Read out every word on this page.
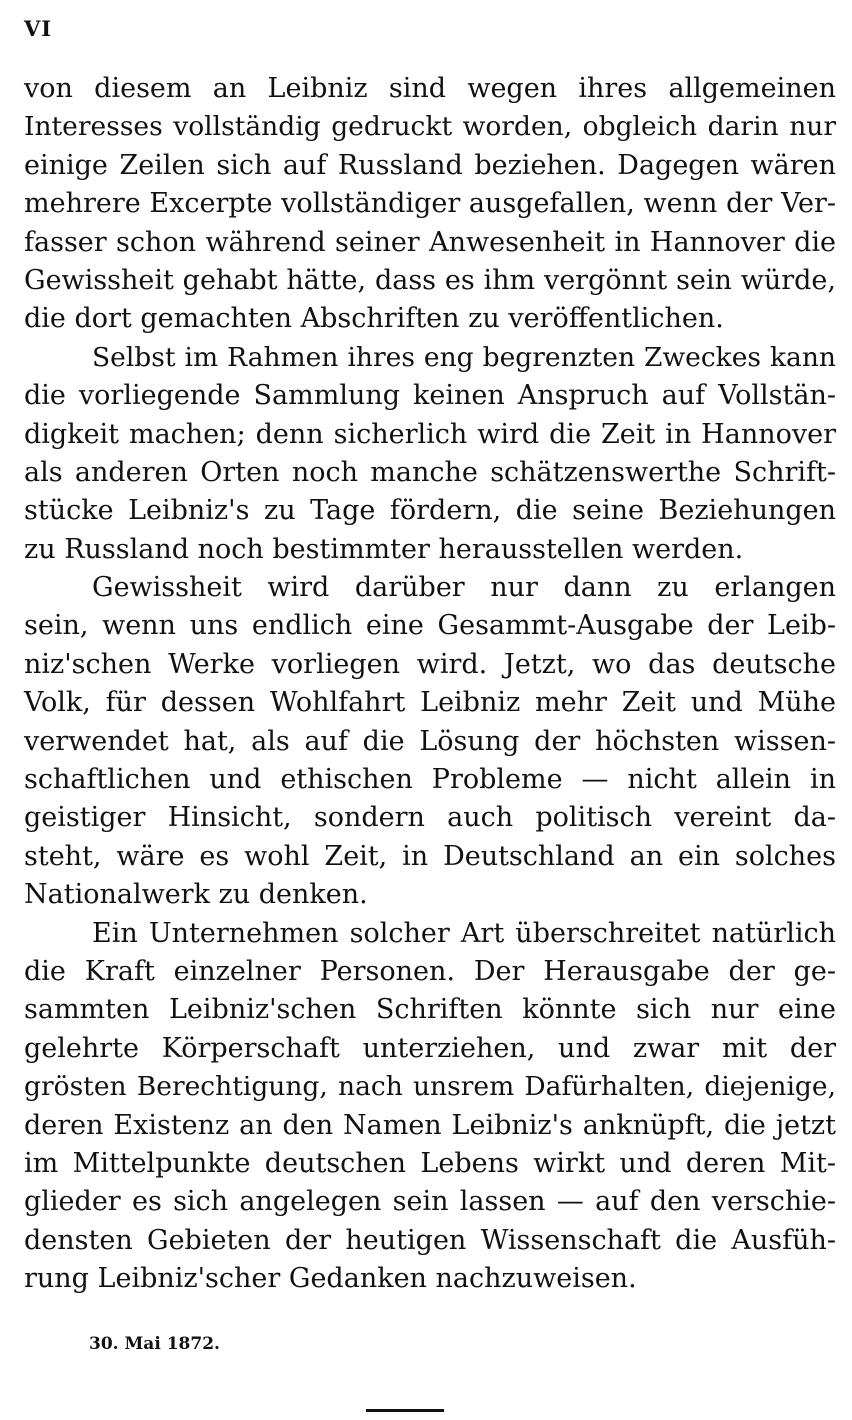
VI

von diesem an Leibniz sind wegen ihres allgemeinen
Interesses vollständig gedruckt worden, obgleich darin nur
einige Zeilen sich auf Russland beziehen. Dagegen wären
mehrere Excerpte vollständiger ausgefallen, wenn der Ver-
fasser schon während seiner Anwesenheit in Hannover die
Gewissheit gehabt hätte, dass es ihm vergönnt sein würde,
die dort gemachten Abschriften zu veröffentlichen.

Selbst im Rahmen ihres eng begrenzten Zweckes kann
die vorliegende Sammlung keinen Anspruch auf Vollstän-
digkeit machen; denn sicherlich wird die Zeit in Hannover
als anderen Orten noch manche schätzenswerthe Schrift-
stücke Leibniz's zu Tage fördern, die seine Beziehungen
zu Russland noch bestimmter herausstellen werden.

Gewissheit wird darüber nur dann zu erlangen
sein, wenn uns endlich eine Gesammt-Ausgabe der Leib-
niz'schen Werke vorliegen wird. Jetzt, wo das deutsche
Volk, für dessen Wohlfahrt Leibniz mehr Zeit und Mühe
verwendet hat, als auf die Lösung der höchsten wissen-
schaftlichen und ethischen Probleme — nicht allein in
geistiger Hinsicht, sondern auch politisch vereint da-
steht, wäre es wohl Zeit, in Deutschland an ein solches
Nationalwerk zu denken.

Ein Unternehmen solcher Art überschreitet natürlich
die Kraft einzelner Personen. Der Herausgabe der ge-
sammten Leibniz'schen Schriften könnte sich nur eine
gelehrte Körperschaft unterziehen, und zwar mit der
grösten Berechtigung, nach unsrem Dafürhalten, diejenige,
deren Existenz an den Namen Leibniz's anknüpft, die jetzt
im Mittelpunkte deutschen Lebens wirkt und deren Mit-
glieder es sich angelegen sein lassen — auf den verschie-
densten Gebieten der heutigen Wissenschaft die Ausfüh-
rung Leibniz'scher Gedanken nachzuweisen.

30. Mai 1872.
